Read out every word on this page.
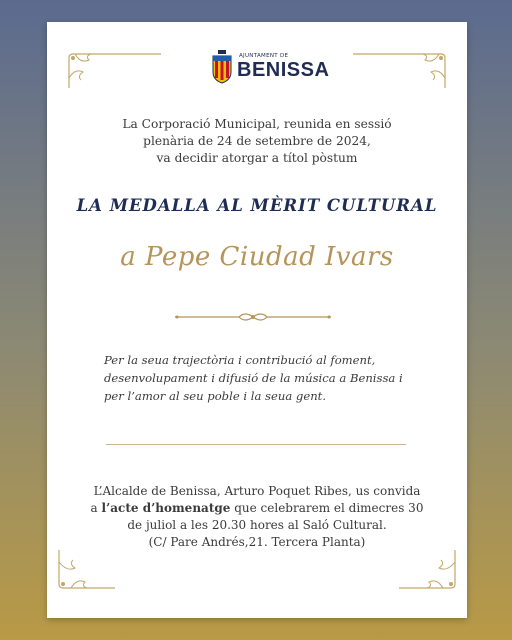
AJUNTAMENT DE
BENISSA
La Corporació Municipal, reunida en sessió
plenària de 24 de setembre de 2024,
va decidir atorgar a títol pòstum
LA MEDALLA AL MÈRIT CULTURAL
a Pepe Ciudad Ivars
Per la seua trajectòria i contribució al foment,
desenvolupament i difusió de la música a Benissa i
per l’amor al seu poble i la seua gent.
L’Alcalde de Benissa, Arturo Poquet Ribes, us convida
a l’acte d’homenatge que celebrarem el dimecres 30
de juliol a les 20.30 hores al Saló Cultural.
(C/ Pare Andrés,21. Tercera Planta)
